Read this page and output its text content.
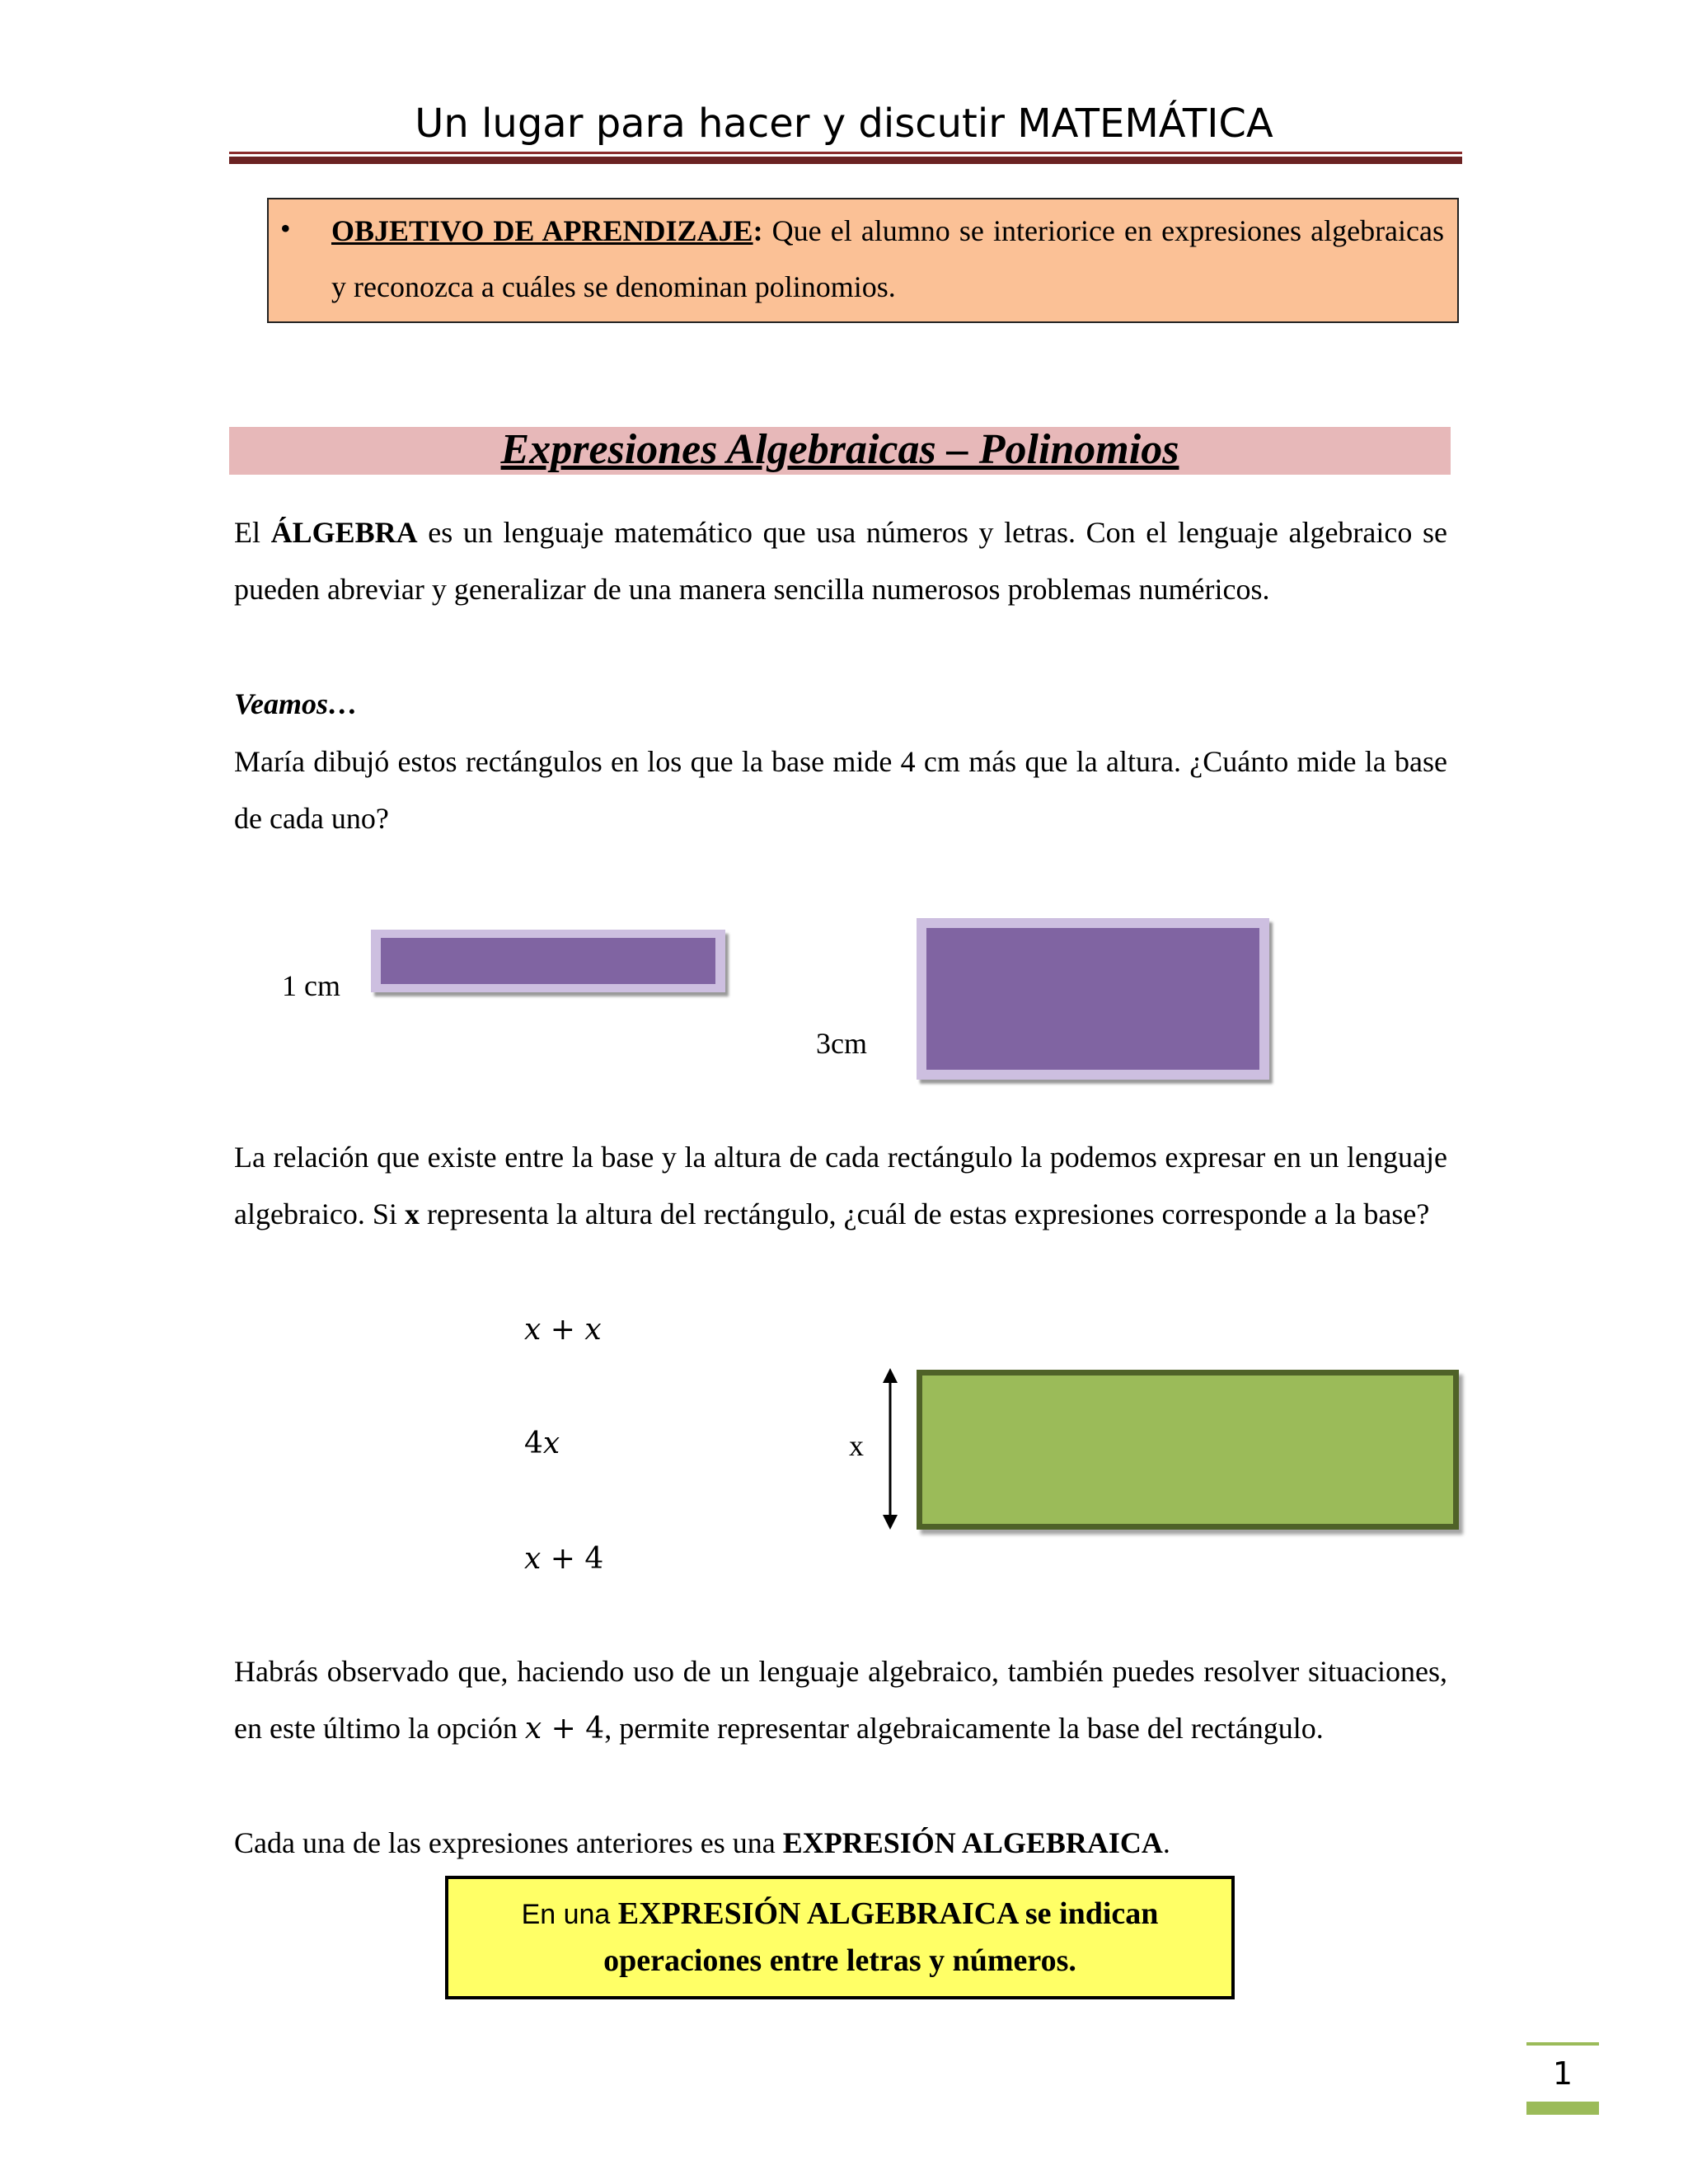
Un lugar para hacer y discutir MATEMÁTICA
• OBJETIVO DE APRENDIZAJE: Que el alumno se interiorice en expresiones algebraicas y reconozca a cuáles se denominan polinomios.
Expresiones Algebraicas – Polinomios
El ÁLGEBRA es un lenguaje matemático que usa números y letras. Con el lenguaje algebraico se pueden abreviar y generalizar de una manera sencilla numerosos problemas numéricos.
Veamos…
María dibujó estos rectángulos en los que la base mide 4 cm más que la altura. ¿Cuánto mide la base de cada uno?
1 cm
3cm
La relación que existe entre la base y la altura de cada rectángulo la podemos expresar en un lenguaje algebraico. Si x representa la altura del rectángulo, ¿cuál de estas expresiones corresponde a la base?
x + x
4x
x + 4
x
Habrás observado que, haciendo uso de un lenguaje algebraico, también puedes resolver situaciones, en este último la opción x + 4, permite representar algebraicamente la base del rectángulo.
Cada una de las expresiones anteriores es una EXPRESIÓN ALGEBRAICA.
En una EXPRESIÓN ALGEBRAICA se indican
operaciones entre letras y números.
1
